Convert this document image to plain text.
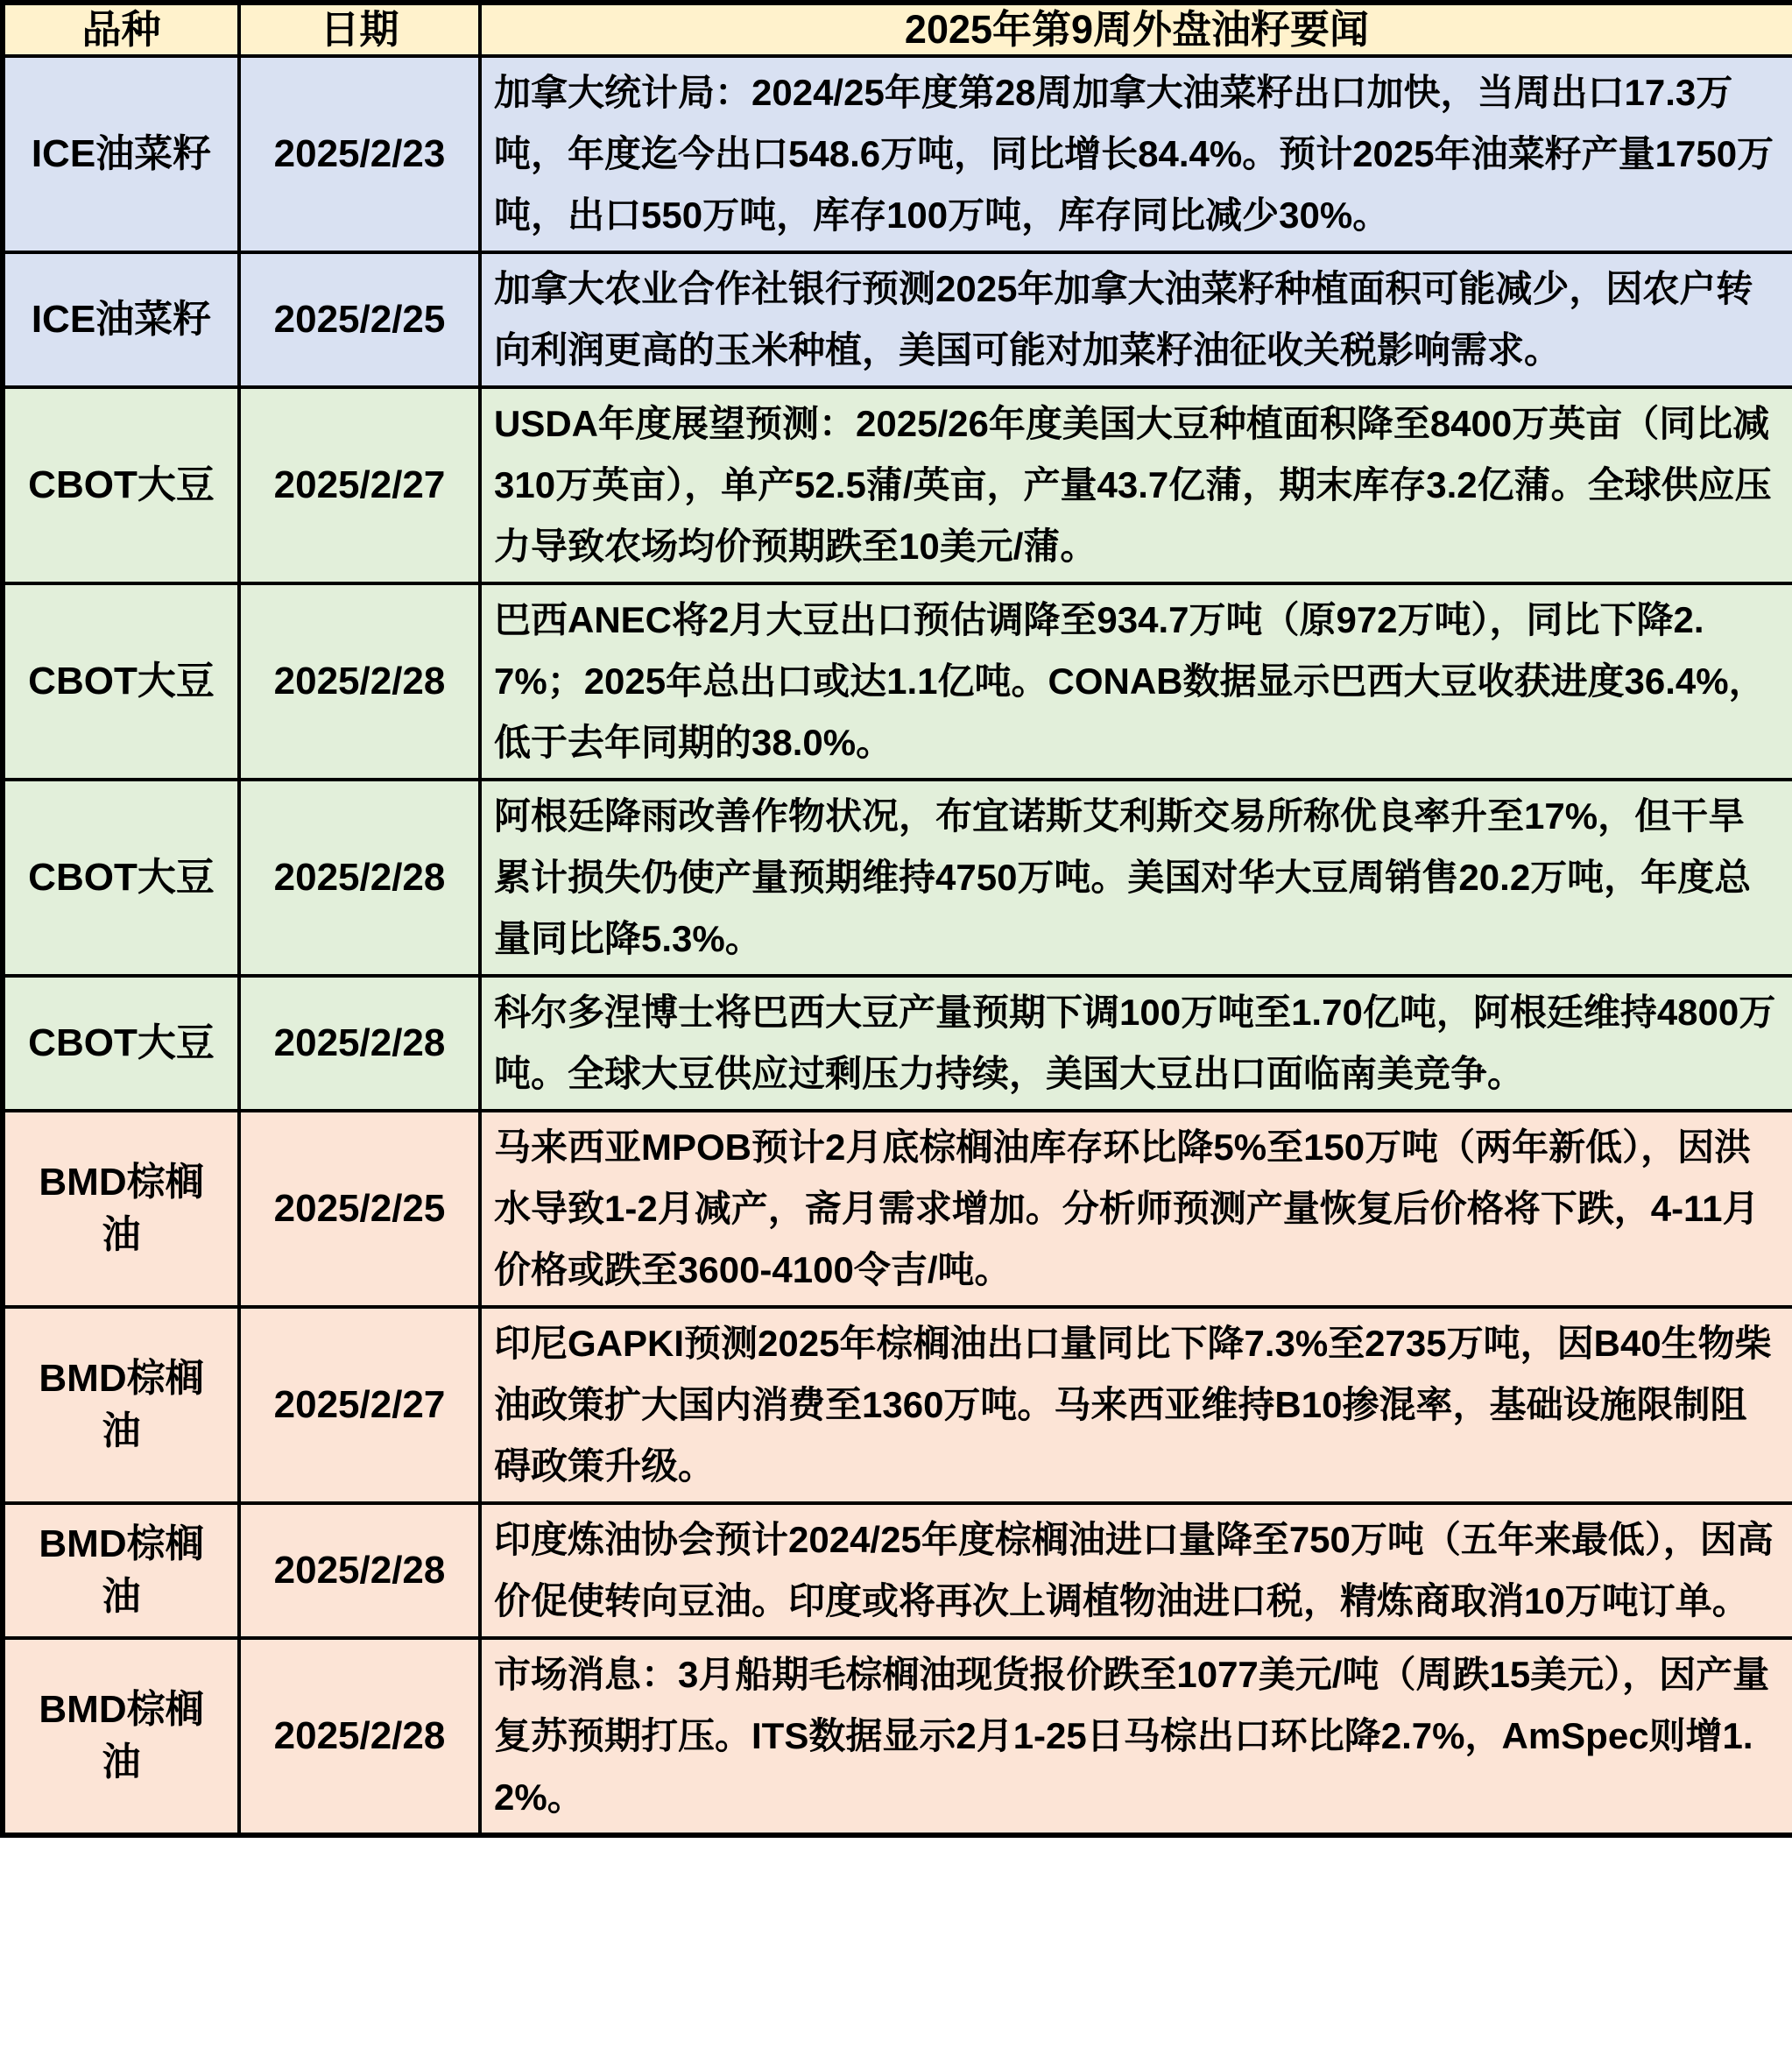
品种	日期	2025年第9周外盘油籽要闻
ICE油菜籽	2025/2/23	加拿大统计局：2024/25年度第28周加拿大油菜籽出口加快，当周出口17.3万吨，年度迄今出口548.6万吨，同比增长84.4%。预计2025年油菜籽产量1750万吨，出口550万吨，库存100万吨，库存同比减少30%。
ICE油菜籽	2025/2/25	加拿大农业合作社银行预测2025年加拿大油菜籽种植面积可能减少，因农户转向利润更高的玉米种植，美国可能对加菜籽油征收关税影响需求。
CBOT大豆	2025/2/27	USDA年度展望预测：2025/26年度美国大豆种植面积降至8400万英亩（同比减310万英亩），单产52.5蒲/英亩，产量43.7亿蒲，期末库存3.2亿蒲。全球供应压力导致农场均价预期跌至10美元/蒲。
CBOT大豆	2025/2/28	巴西ANEC将2月大豆出口预估调降至934.7万吨（原972万吨），同比下降2.7%；2025年总出口或达1.1亿吨。CONAB数据显示巴西大豆收获进度36.4%，低于去年同期的38.0%。
CBOT大豆	2025/2/28	阿根廷降雨改善作物状况，布宜诺斯艾利斯交易所称优良率升至17%，但干旱累计损失仍使产量预期维持4750万吨。美国对华大豆周销售20.2万吨，年度总量同比降5.3%。
CBOT大豆	2025/2/28	科尔多涅博士将巴西大豆产量预期下调100万吨至1.70亿吨，阿根廷维持4800万吨。全球大豆供应过剩压力持续，美国大豆出口面临南美竞争。
BMD棕榈油	2025/2/25	马来西亚MPOB预计2月底棕榈油库存环比降5%至150万吨（两年新低），因洪水导致1-2月减产，斋月需求增加。分析师预测产量恢复后价格将下跌，4-11月价格或跌至3600-4100令吉/吨。
BMD棕榈油	2025/2/27	印尼GAPKI预测2025年棕榈油出口量同比下降7.3%至2735万吨，因B40生物柴油政策扩大国内消费至1360万吨。马来西亚维持B10掺混率，基础设施限制阻碍政策升级。
BMD棕榈油	2025/2/28	印度炼油协会预计2024/25年度棕榈油进口量降至750万吨（五年来最低），因高价促使转向豆油。印度或将再次上调植物油进口税，精炼商取消10万吨订单。
BMD棕榈油	2025/2/28	市场消息：3月船期毛棕榈油现货报价跌至1077美元/吨（周跌15美元），因产量复苏预期打压。ITS数据显示2月1-25日马棕出口环比降2.7%，AmSpec则增1.2%。
